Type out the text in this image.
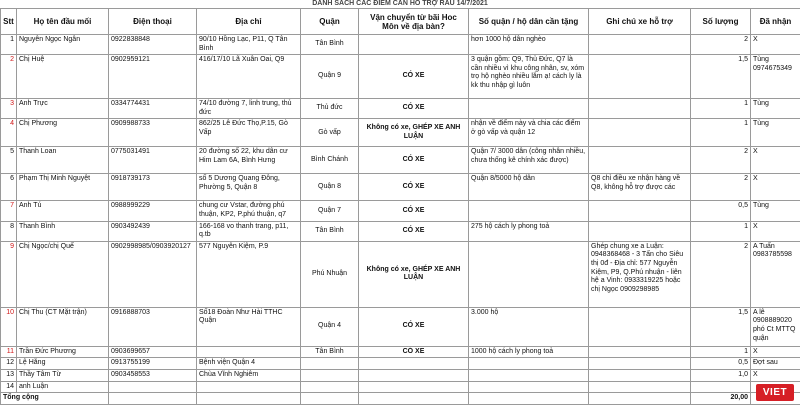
DANH SÁCH CÁC ĐIỂM CẦN HỖ TRỢ RAU 14/7/2021
Stt	Họ tên đầu mối	Điện thoại	Địa chỉ	Quận	Vận chuyển từ bãi Hoc Môn về địa bàn?	Số quận / hộ dân cần tặng	Ghi chú xe hỗ trợ	Số lượng	Đã nhận
1	Nguyễn Ngọc Ngân	0922838848	90/10 Hồng Lạc, P11, Q Tân Bình	Tân Bình		hơn 1000 hộ dân nghèo		2	X
2	Chị Huệ	0902959121	416/17/10 Lã Xuân Oai, Q9	Quận 9	CÓ XE	3 quận gồm: Q9, Thủ Đức, Q7 là cần nhiều vì khu công nhân, sv, xóm trọ hộ nghèo nhiều lắm ạ! cách ly là kk thu nhập gì luôn		1,5	Tùng 0974675349
3	Anh Trực	0334774431	74/10 đường 7, linh trung, thủ đức	Thủ đức	CÓ XE			1	Tùng
4	Chị Phương	0909988733	862/25 Lê Đức Thọ,P.15, Gò Vấp	Gò vấp	Không có xe, GHÉP XE ANH LUẬN	nhận về điểm này và chia các điểm ở gò vấp và quận 12		1	Tùng
5	Thanh Loan	0775031491	20 đường số 22, khu dân cư Him Lam 6A, Bình Hưng	Bình Chánh	CÓ XE	Quận 7/ 3000 dân (công nhân nhiều, chưa thống kê chính xác được)		2	X
6	Phạm Thị Minh Nguyệt	0918739173	số 5 Dương Quang Đông, Phường 5, Quận 8	Quận 8	CÓ XE	Quận 8/5000 hộ dân	Q8 chỉ điều xe nhận hàng về Q8, không hỗ trợ được các	2	X
7	Anh Tú	0988999229	chung cư Vstar, đường phú thuận, KP2, P.phú thuận, q7	Quận 7	CÓ XE			0,5	Tùng
8	Thanh Bình	0903492439	166-168 vo thanh trang, p11, q.tb	Tân Bình	CÓ XE	275 hộ cách ly phong toả		1	X
9	Chị Ngọc/chị Quế	0902998985/0903920127	577 Nguyễn Kiệm, P.9	Phú Nhuận	Không có xe, GHÉP XE ANH LUẬN		Ghép chung xe a Luận: 0948368468 - 3 Tấn cho Siêu thị 0đ - Địa chỉ: 577 Nguyễn Kiệm, P9, Q.Phú nhuận - liên hệ a Vinh: 0933319225 hoặc chị Ngọc 0909298985	2	A Tuấn 0983785598
10	Chị Thu (CT Mặt trận)	0916888703	Số18 Đoàn Như Hài TTHC Quận	Quận 4	CÓ XE	3.000 hộ		1,5	A lễ 0908889020 phó Ct MTTQ quận
11	Trần Đức Phương	0903699657		Tân Bình	CÓ XE	1000 hộ cách ly phong toả		1	X
12	Lệ Hằng	0913755199	Bệnh viện Quận 4					0,5	Đợt sau
13	Thầy Tâm Từ	0903458553	Chùa Vĩnh Nghiêm					1,0	X
14	anh Luận								
Tổng cộng								20,00		VIET
